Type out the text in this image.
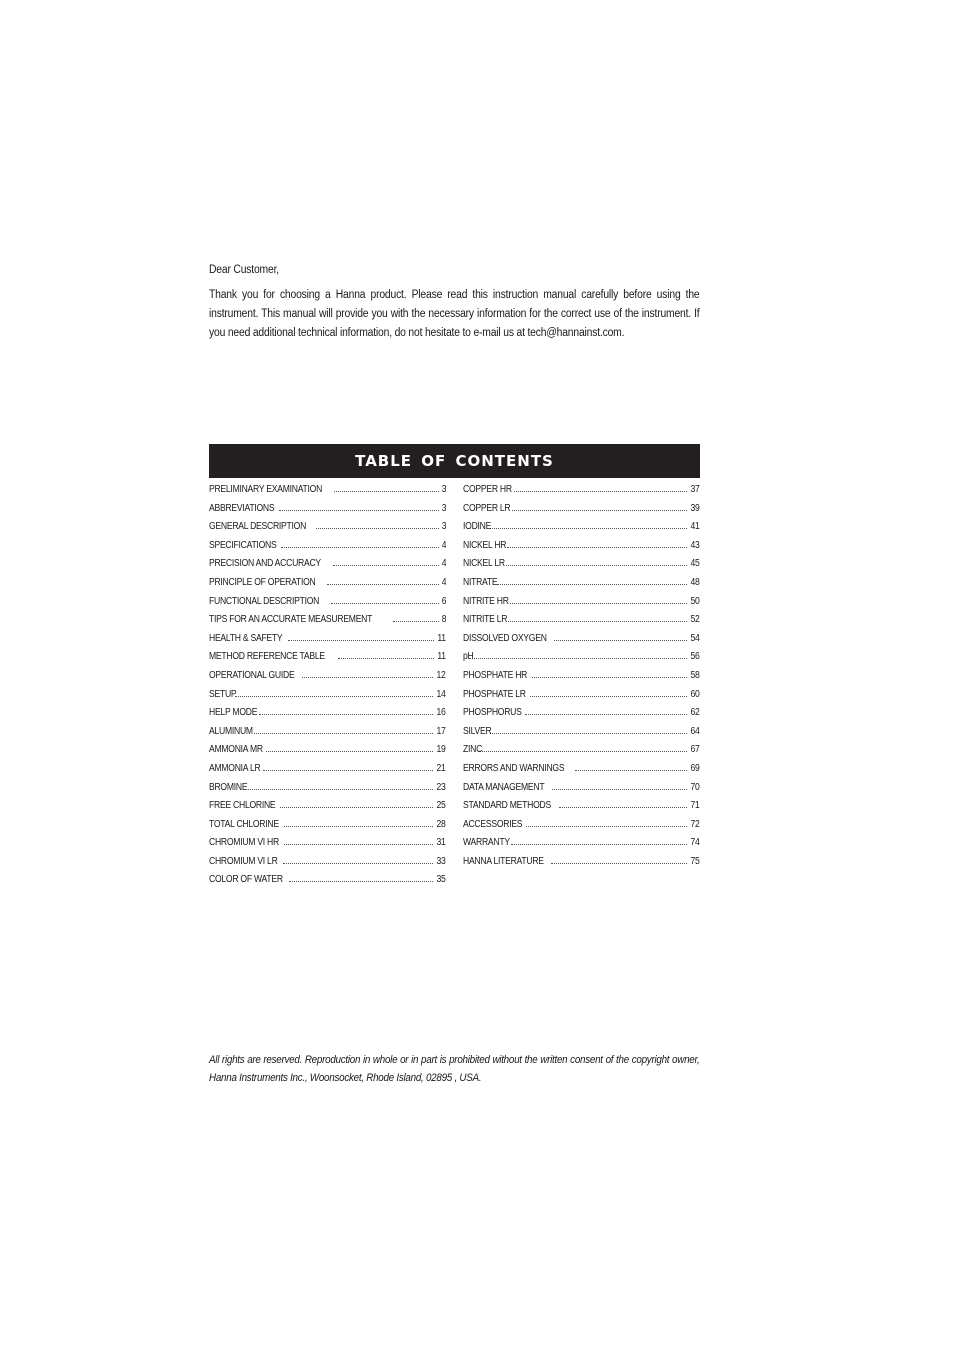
Dear Customer,

Thank you for choosing a Hanna product. Please read this instruction manual carefully before using the instrument. This manual will provide you with the necessary information for the correct use of the instrument. If you need additional technical information, do not hesitate to e-mail us at tech@hannainst.com.

TABLE OF CONTENTS
PRELIMINARY EXAMINATION	3
ABBREVIATIONS	3
GENERAL DESCRIPTION	3
SPECIFICATIONS	4
PRECISION AND ACCURACY	4
PRINCIPLE OF OPERATION	4
FUNCTIONAL DESCRIPTION	6
TIPS FOR AN ACCURATE MEASUREMENT	8
HEALTH & SAFETY	11
METHOD REFERENCE TABLE	11
OPERATIONAL GUIDE	12
SETUP	14
HELP MODE	16
ALUMINUM	17
AMMONIA MR	19
AMMONIA LR	21
BROMINE	23
FREE CHLORINE	25
TOTAL CHLORINE	28
CHROMIUM VI HR	31
CHROMIUM VI LR	33
COLOR OF WATER	35
COPPER HR	37
COPPER LR	39
IODINE	41
NICKEL HR	43
NICKEL LR	45
NITRATE	48
NITRITE HR	50
NITRITE LR	52
DISSOLVED OXYGEN	54
pH	56
PHOSPHATE HR	58
PHOSPHATE LR	60
PHOSPHORUS	62
SILVER	64
ZINC	67
ERRORS AND WARNINGS	69
DATA MANAGEMENT	70
STANDARD METHODS	71
ACCESSORIES	72
WARRANTY	74
HANNA LITERATURE	75

All rights are reserved. Reproduction in whole or in part is prohibited without the written consent of the copyright owner, Hanna Instruments Inc., Woonsocket, Rhode Island, 02895 , USA.
